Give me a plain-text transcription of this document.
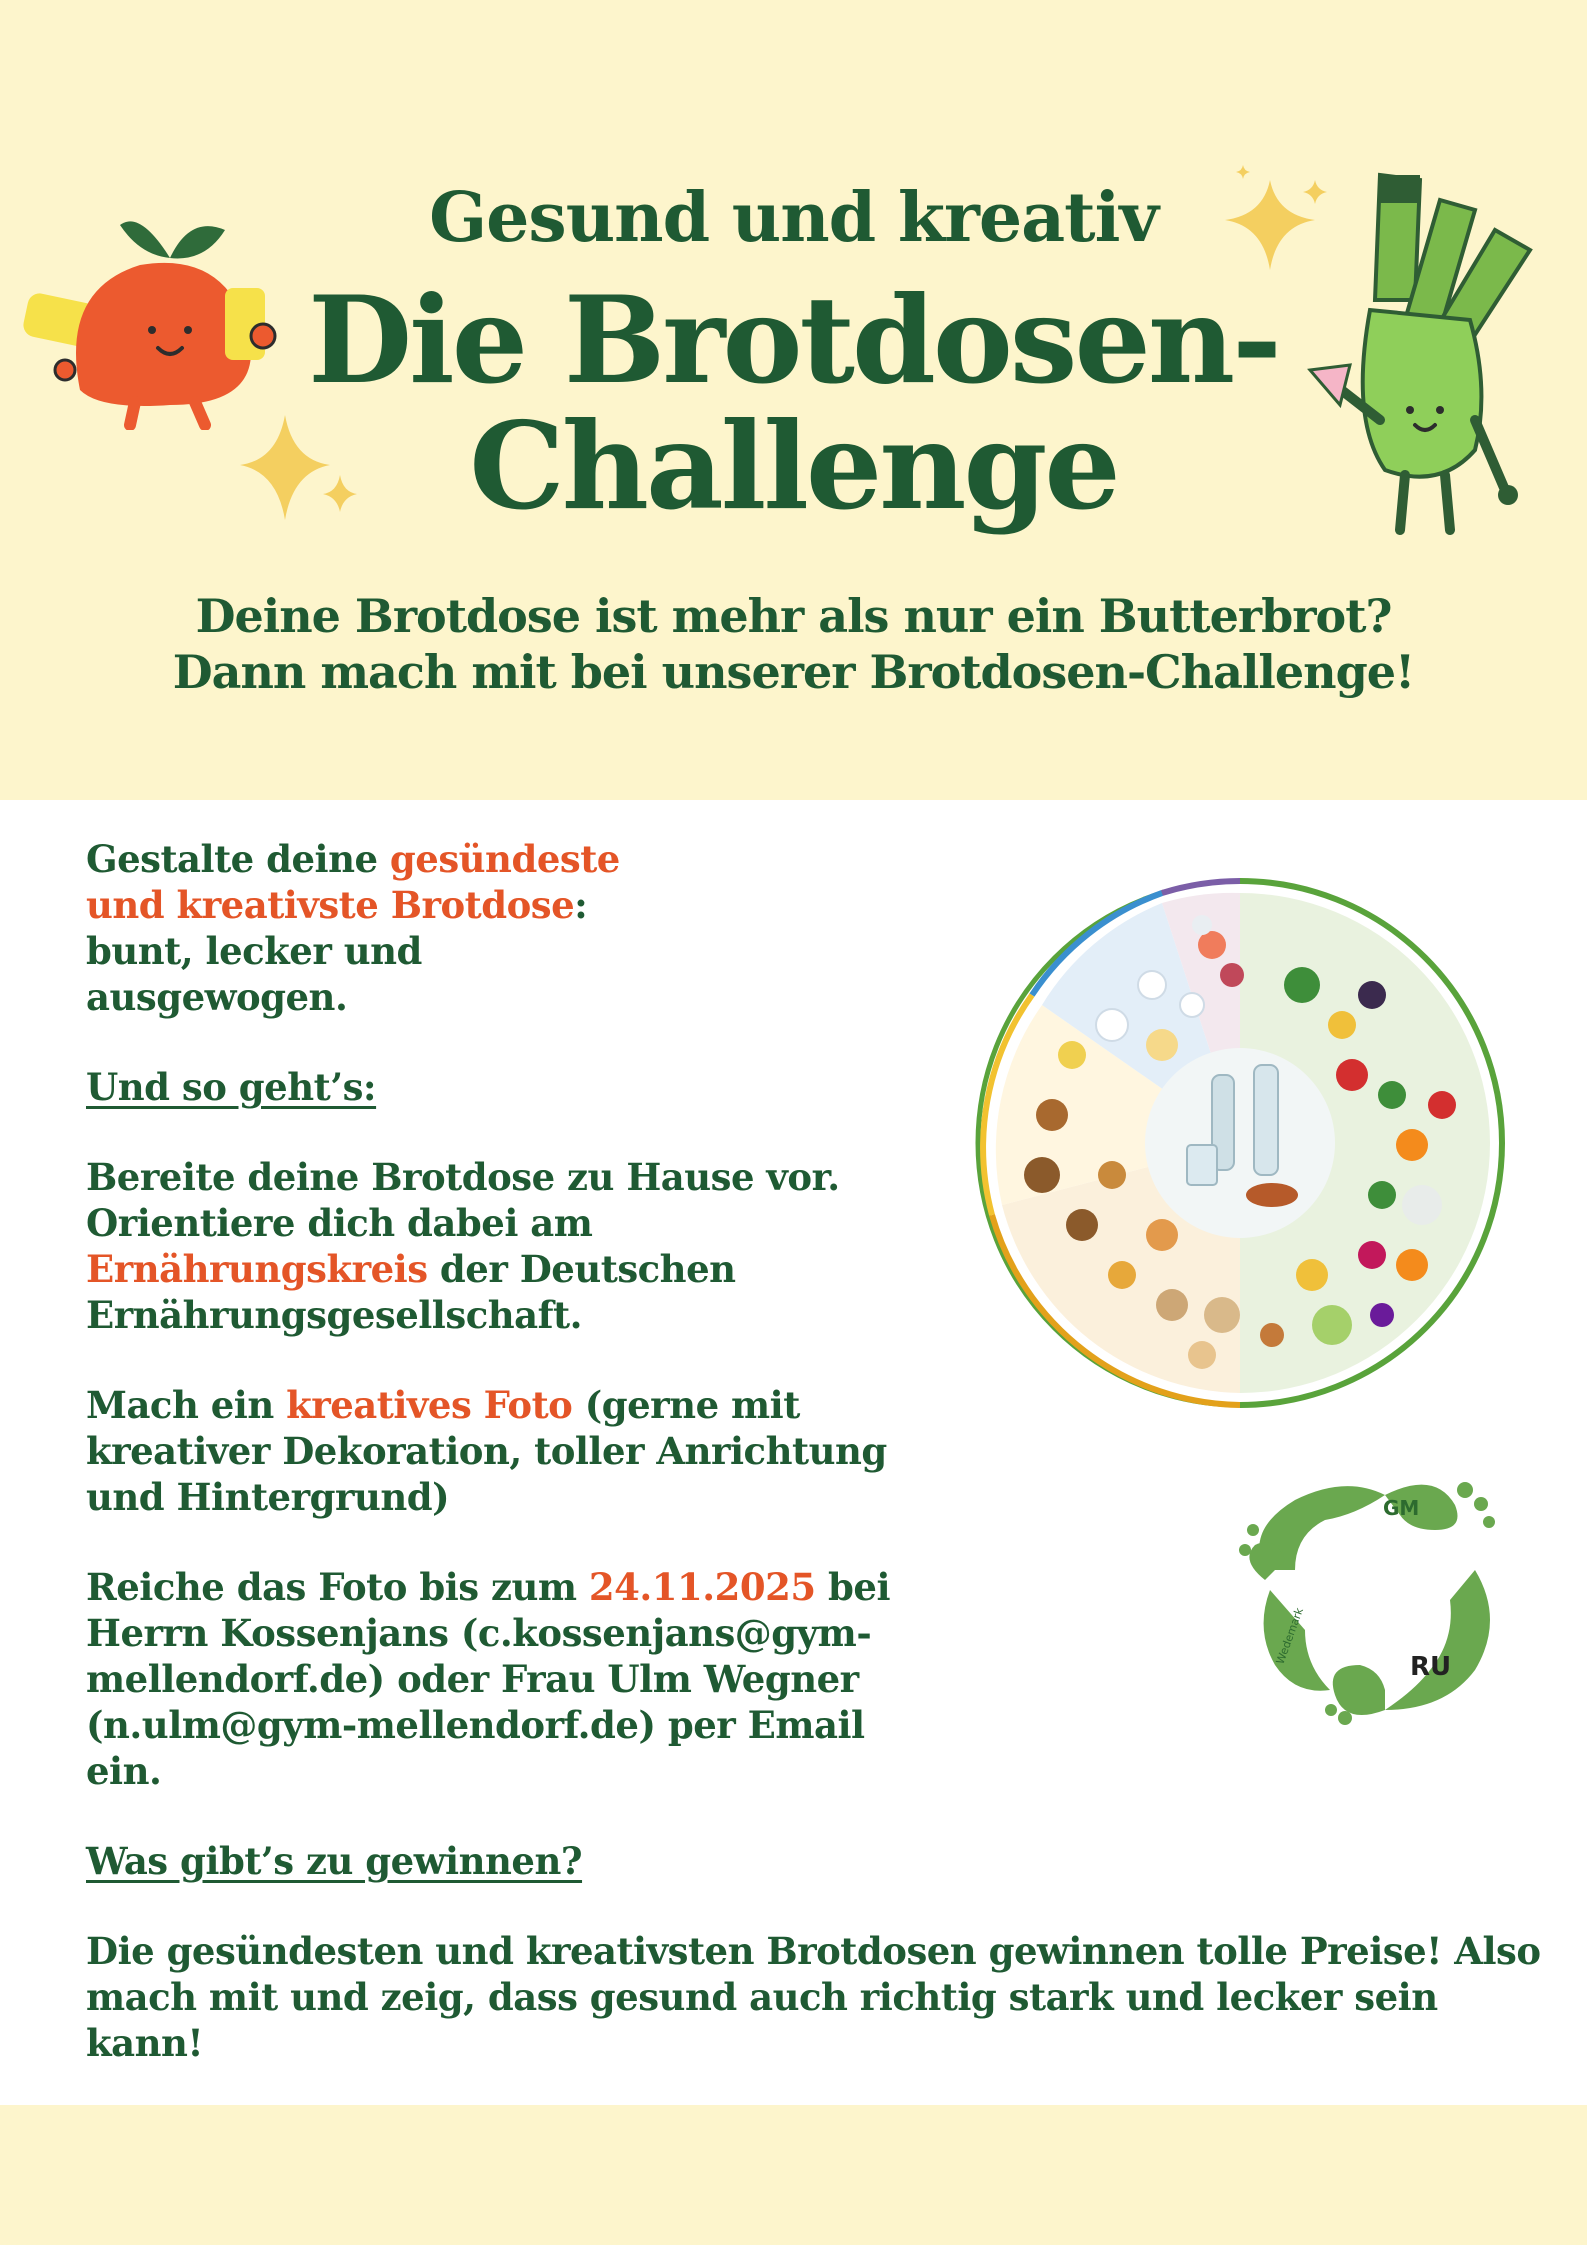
Gesund und kreativ
Die Brotdosen-
Challenge
Deine Brotdose ist mehr als nur ein Butterbrot?
Dann mach mit bei unserer Brotdosen-Challenge!

Gestalte deine gesündeste und kreativste Brotdose: bunt, lecker und ausgewogen.

Und so geht’s:

Bereite deine Brotdose zu Hause vor. Orientiere dich dabei am Ernährungskreis der Deutschen Ernährungsgesellschaft.

Mach ein kreatives Foto (gerne mit kreativer Dekoration, toller Anrichtung und Hintergrund)

Reiche das Foto bis zum 24.11.2025 bei Herrn Kossenjans (c.kossenjans@gym-mellendorf.de) oder Frau Ulm Wegner (n.ulm@gym-mellendorf.de) per Email ein.

Was gibt’s zu gewinnen?

Die gesündesten und kreativsten Brotdosen gewinnen tolle Preise! Also mach mit und zeig, dass gesund auch richtig stark und lecker sein kann!

GM
Wedemark
RU
